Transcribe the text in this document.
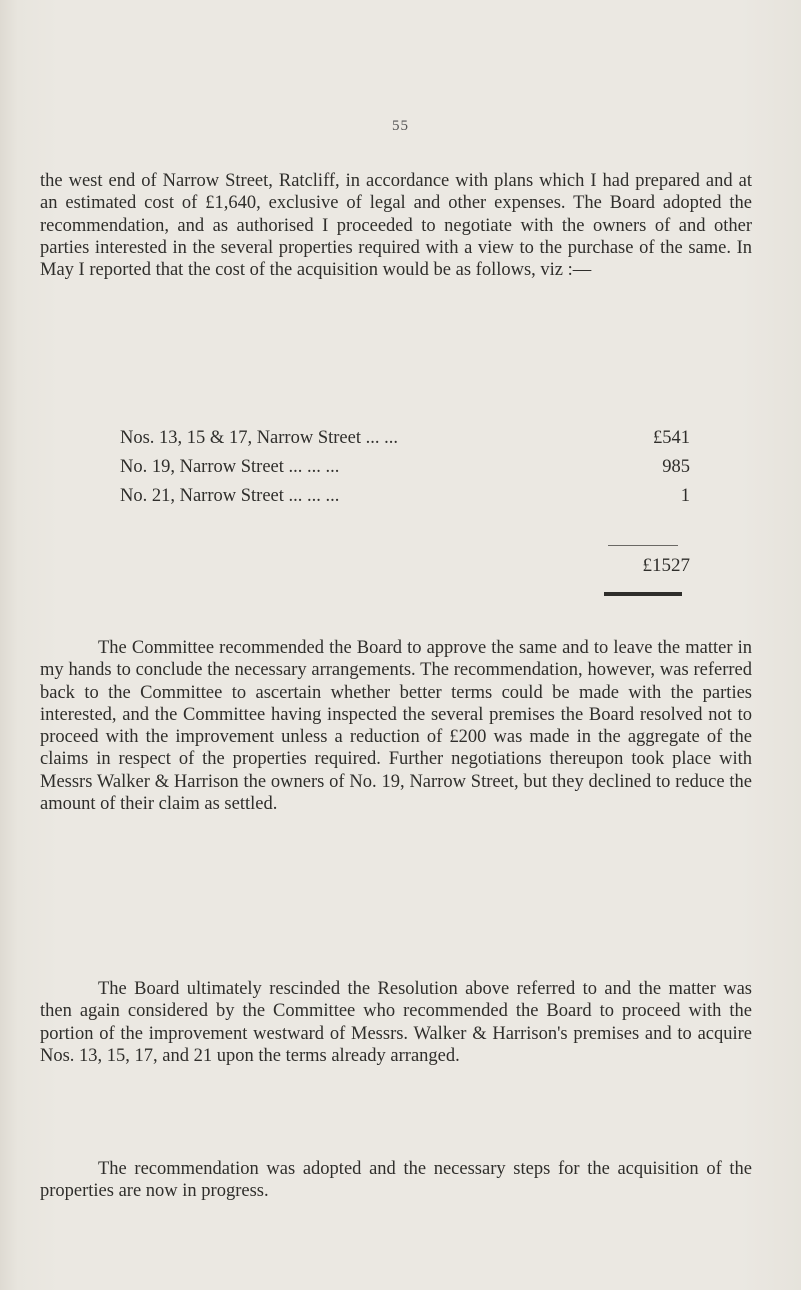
55

the west end of Narrow Street, Ratcliff, in accordance with plans which I had prepared and at an estimated cost of £1,640, exclusive of legal and other expenses. The Board adopted the recommendation, and as authorised I proceeded to negotiate with the owners of and other parties interested in the several properties required with a view to the purchase of the same. In May I reported that the cost of the acquisition would be as follows, viz :—

Nos. 13, 15 & 17, Narrow Street ... ...	£541
No. 19, Narrow Street ... ... ...	985
No. 21, Narrow Street ... ... ...	1
£1527

The Committee recommended the Board to approve the same and to leave the matter in my hands to conclude the necessary arrangements. The recommendation, however, was referred back to the Committee to ascertain whether better terms could be made with the parties interested, and the Committee having inspected the several premises the Board resolved not to proceed with the improvement unless a reduction of £200 was made in the aggregate of the claims in respect of the properties required. Further negotiations thereupon took place with Messrs Walker & Harrison the owners of No. 19, Narrow Street, but they declined to reduce the amount of their claim as settled.

The Board ultimately rescinded the Resolution above referred to and the matter was then again considered by the Committee who recommended the Board to proceed with the portion of the improvement westward of Messrs. Walker & Harrison's premises and to acquire Nos. 13, 15, 17, and 21 upon the terms already arranged.

The recommendation was adopted and the necessary steps for the acquisition of the properties are now in progress.
